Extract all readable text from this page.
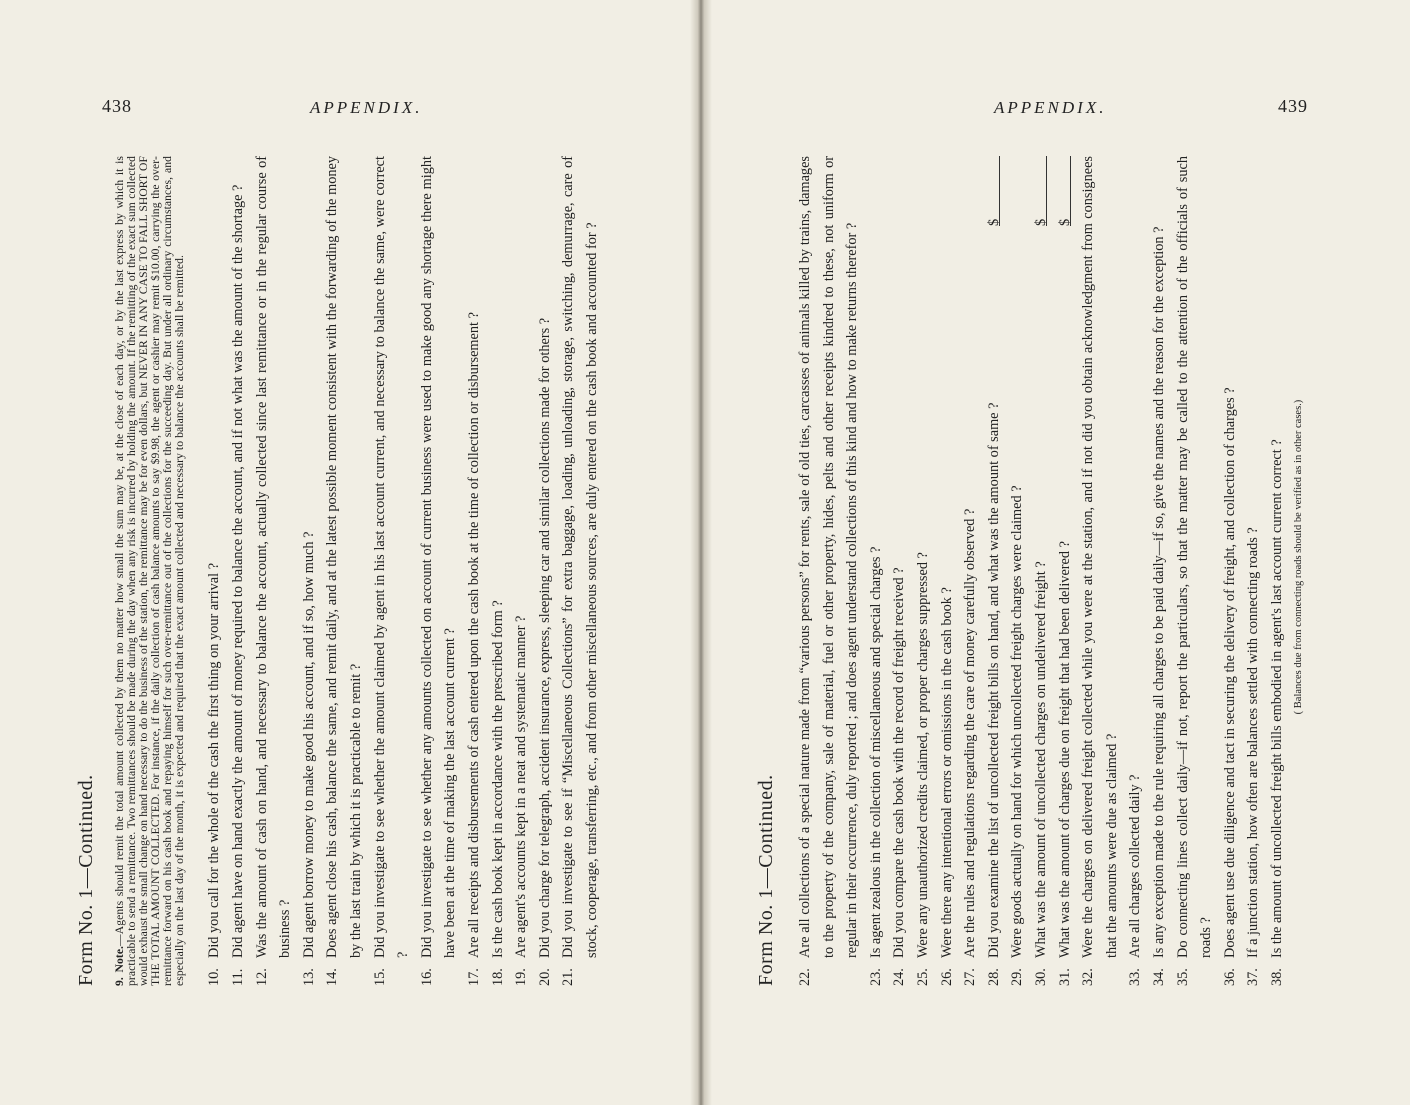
438	APPENDIX.
Form No. 1—Continued. 9. Note.—Agents should remit the total amount collected by them no matter how small the sum may be, at the close of each day, or by the last express by which it is practicable to send a remittance. Two remittances should be made during the day when any risk is incurred by holding the amount. If the remitting of the exact sum collected would exhaust the small change on hand necessary to do the business of the station, the remittance may be for even dollars, but NEVER IN ANY CASE TO FALL SHORT OF THE TOTAL AMOUNT COLLECTED. For instance, if the daily collection of cash balance amounts to say $9.98, the agent or cashier may remit $10.00, carrying the over-remittance forward on his cash book and repaying himself for such over-remittance out of the collections for the succeeding day. But under all ordinary circumstances, and especially on the last day of the month, it is expected and required that the exact amount collected and necessary to balance the accounts shall be remitted. 10.
Did you call for the whole of the cash the first thing on your arrival ?
11.
Did agent have on hand exactly the amount of money required to balance the account, and if not what was the amount of the shortage ?
12.
Was the amount of cash on hand, and necessary to balance the account, actually collected since last remittance or in the regular course of business ?
13.
Did agent borrow money to make good his account, and if so, how much ?
14.
Does agent close his cash, balance the same, and remit daily, and at the latest possible moment consistent with the forwarding of the money by the last train by which it is practicable to remit ?
15.
Did you investigate to see whether the amount claimed by agent in his last account current, and necessary to balance the same, were correct ?
16.
Did you investigate to see whether any amounts collected on account of current business were used to make good any shortage there might have been at the time of making the last account current ?
17.
Are all receipts and disbursements of cash entered upon the cash book at the time of collection or disbursement ?
18.
Is the cash book kept in accordance with the prescribed form ?
19.
Are agent's accounts kept in a neat and systematic manner ?
20.
Did you charge for telegraph, accident insurance, express, sleeping car and similar collections made for others ?
21.
Did you investigate to see if “Miscellaneous Collections” for extra baggage, loading, unloading, storage, switching, demurrage, care of stock, cooperage, transferring, etc., and from other miscellaneous sources, are duly entered on the cash book and accounted for ?
APPENDIX.	439
Form No. 1—Continued. 22.
Are all collections of a special nature made from “various persons” for rents, sale of old ties, carcasses of animals killed by trains, damages to the property of the company, sale of material, fuel or other property, hides, pelts and other receipts kindred to these, not uniform or regular in their occurrence, duly reported ; and does agent understand collections of this kind and how to make returns therefor ?
23.
Is agent zealous in the collection of miscellaneous and special charges ?
24.
Did you compare the cash book with the record of freight received ?
25.
Were any unauthorized credits claimed, or proper charges suppressed ?
26.
Were there any intentional errors or omissions in the cash book ?
27.
Are the rules and regulations regarding the care of money carefully observed ?
28.
Did you examine the list of uncollected freight bills on hand, and what was the amount of same ?
$
29.
Were goods actually on hand for which uncollected freight charges were claimed ?
30.
What was the amount of uncollected charges on undelivered freight ?
$
31.
What was the amount of charges due on freight that had been delivered ?
$
32.
Were the charges on delivered freight collected while you were at the station, and if not did you obtain acknowledgment from consignees that the amounts were due as claimed ?
33.
Are all charges collected daily ?
34.
Is any exception made to the rule requiring all charges to be paid daily—if so, give the names and the reason for the exception ?
35.
Do connecting lines collect daily—if not, report the particulars, so that the matter may be called to the attention of the officials of such roads ?
36.
Does agent use due diligence and tact in securing the delivery of freight, and collection of charges ?
37.
If a junction station, how often are balances settled with connecting roads ?
38.
Is the amount of uncollected freight bills embodied in agent's last account current correct ? ( Balances due from connecting roads should be verified as in other cases.)
